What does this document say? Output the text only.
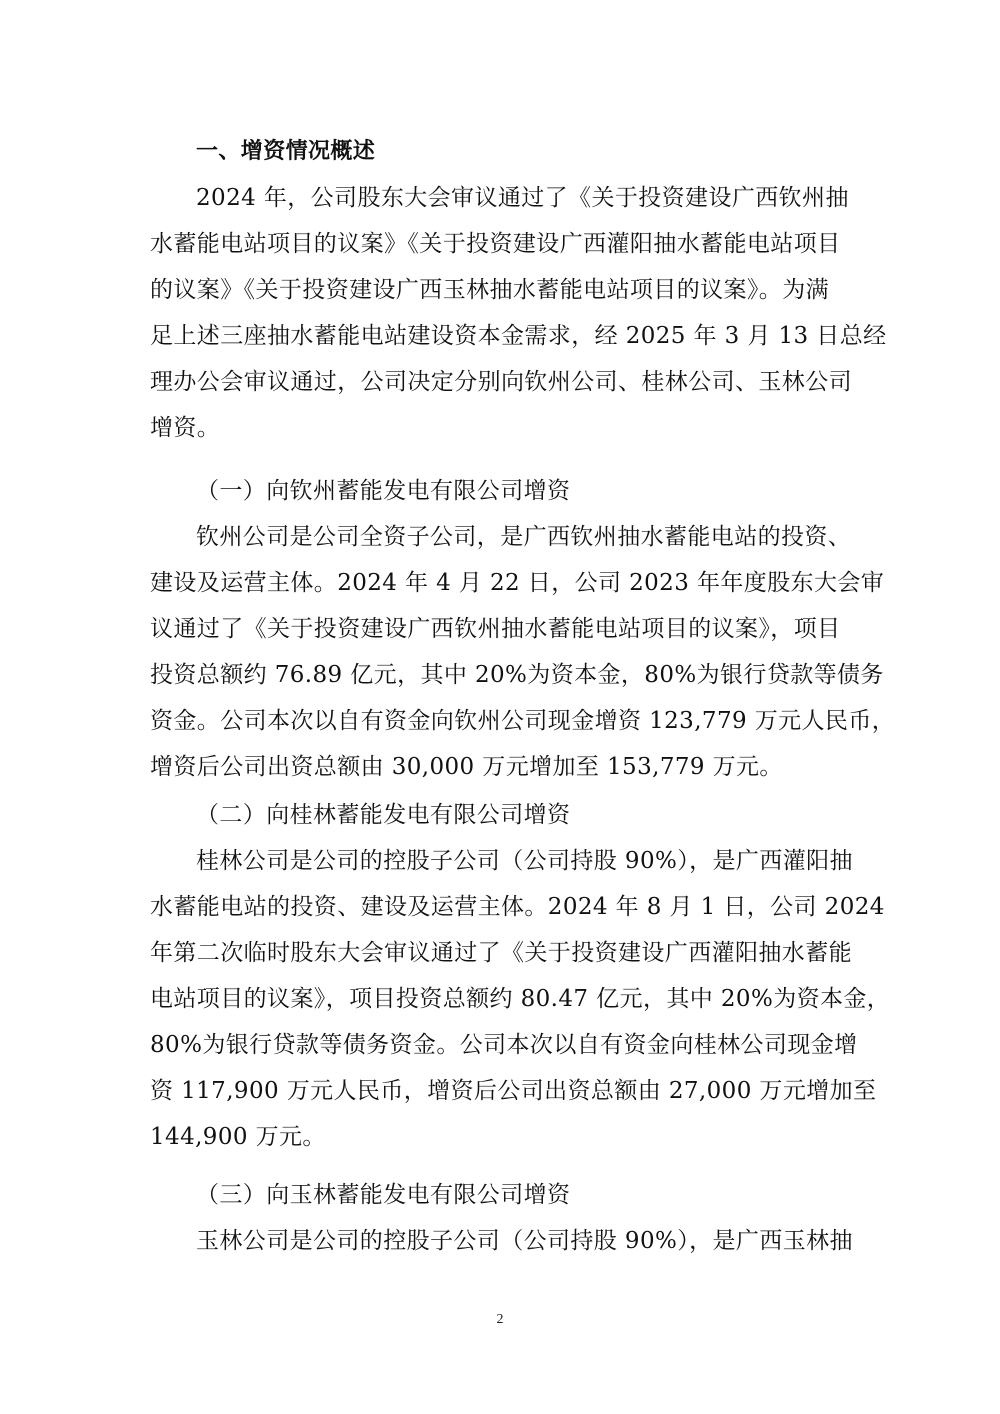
一、增资情况概述
2024 年，公司股东大会审议通过了《关于投资建设广西钦州抽
水蓄能电站项目的议案》《关于投资建设广西灌阳抽水蓄能电站项目
的议案》《关于投资建设广西玉林抽水蓄能电站项目的议案》。为满
足上述三座抽水蓄能电站建设资本金需求，经 2025 年 3 月 13 日总经
理办公会审议通过，公司决定分别向钦州公司、桂林公司、玉林公司
增资。
（一）向钦州蓄能发电有限公司增资
钦州公司是公司全资子公司，是广西钦州抽水蓄能电站的投资、
建设及运营主体。2024 年 4 月 22 日，公司 2023 年年度股东大会审
议通过了《关于投资建设广西钦州抽水蓄能电站项目的议案》，项目
投资总额约 76.89 亿元，其中 20%为资本金，80%为银行贷款等债务
资金。公司本次以自有资金向钦州公司现金增资 123,779 万元人民币，
增资后公司出资总额由 30,000 万元增加至 153,779 万元。
（二）向桂林蓄能发电有限公司增资
桂林公司是公司的控股子公司（公司持股 90%），是广西灌阳抽
水蓄能电站的投资、建设及运营主体。2024 年 8 月 1 日，公司 2024
年第二次临时股东大会审议通过了《关于投资建设广西灌阳抽水蓄能
电站项目的议案》，项目投资总额约 80.47 亿元，其中 20%为资本金，
80%为银行贷款等债务资金。公司本次以自有资金向桂林公司现金增
资 117,900 万元人民币，增资后公司出资总额由 27,000 万元增加至
144,900 万元。
（三）向玉林蓄能发电有限公司增资
玉林公司是公司的控股子公司（公司持股 90%），是广西玉林抽
2
